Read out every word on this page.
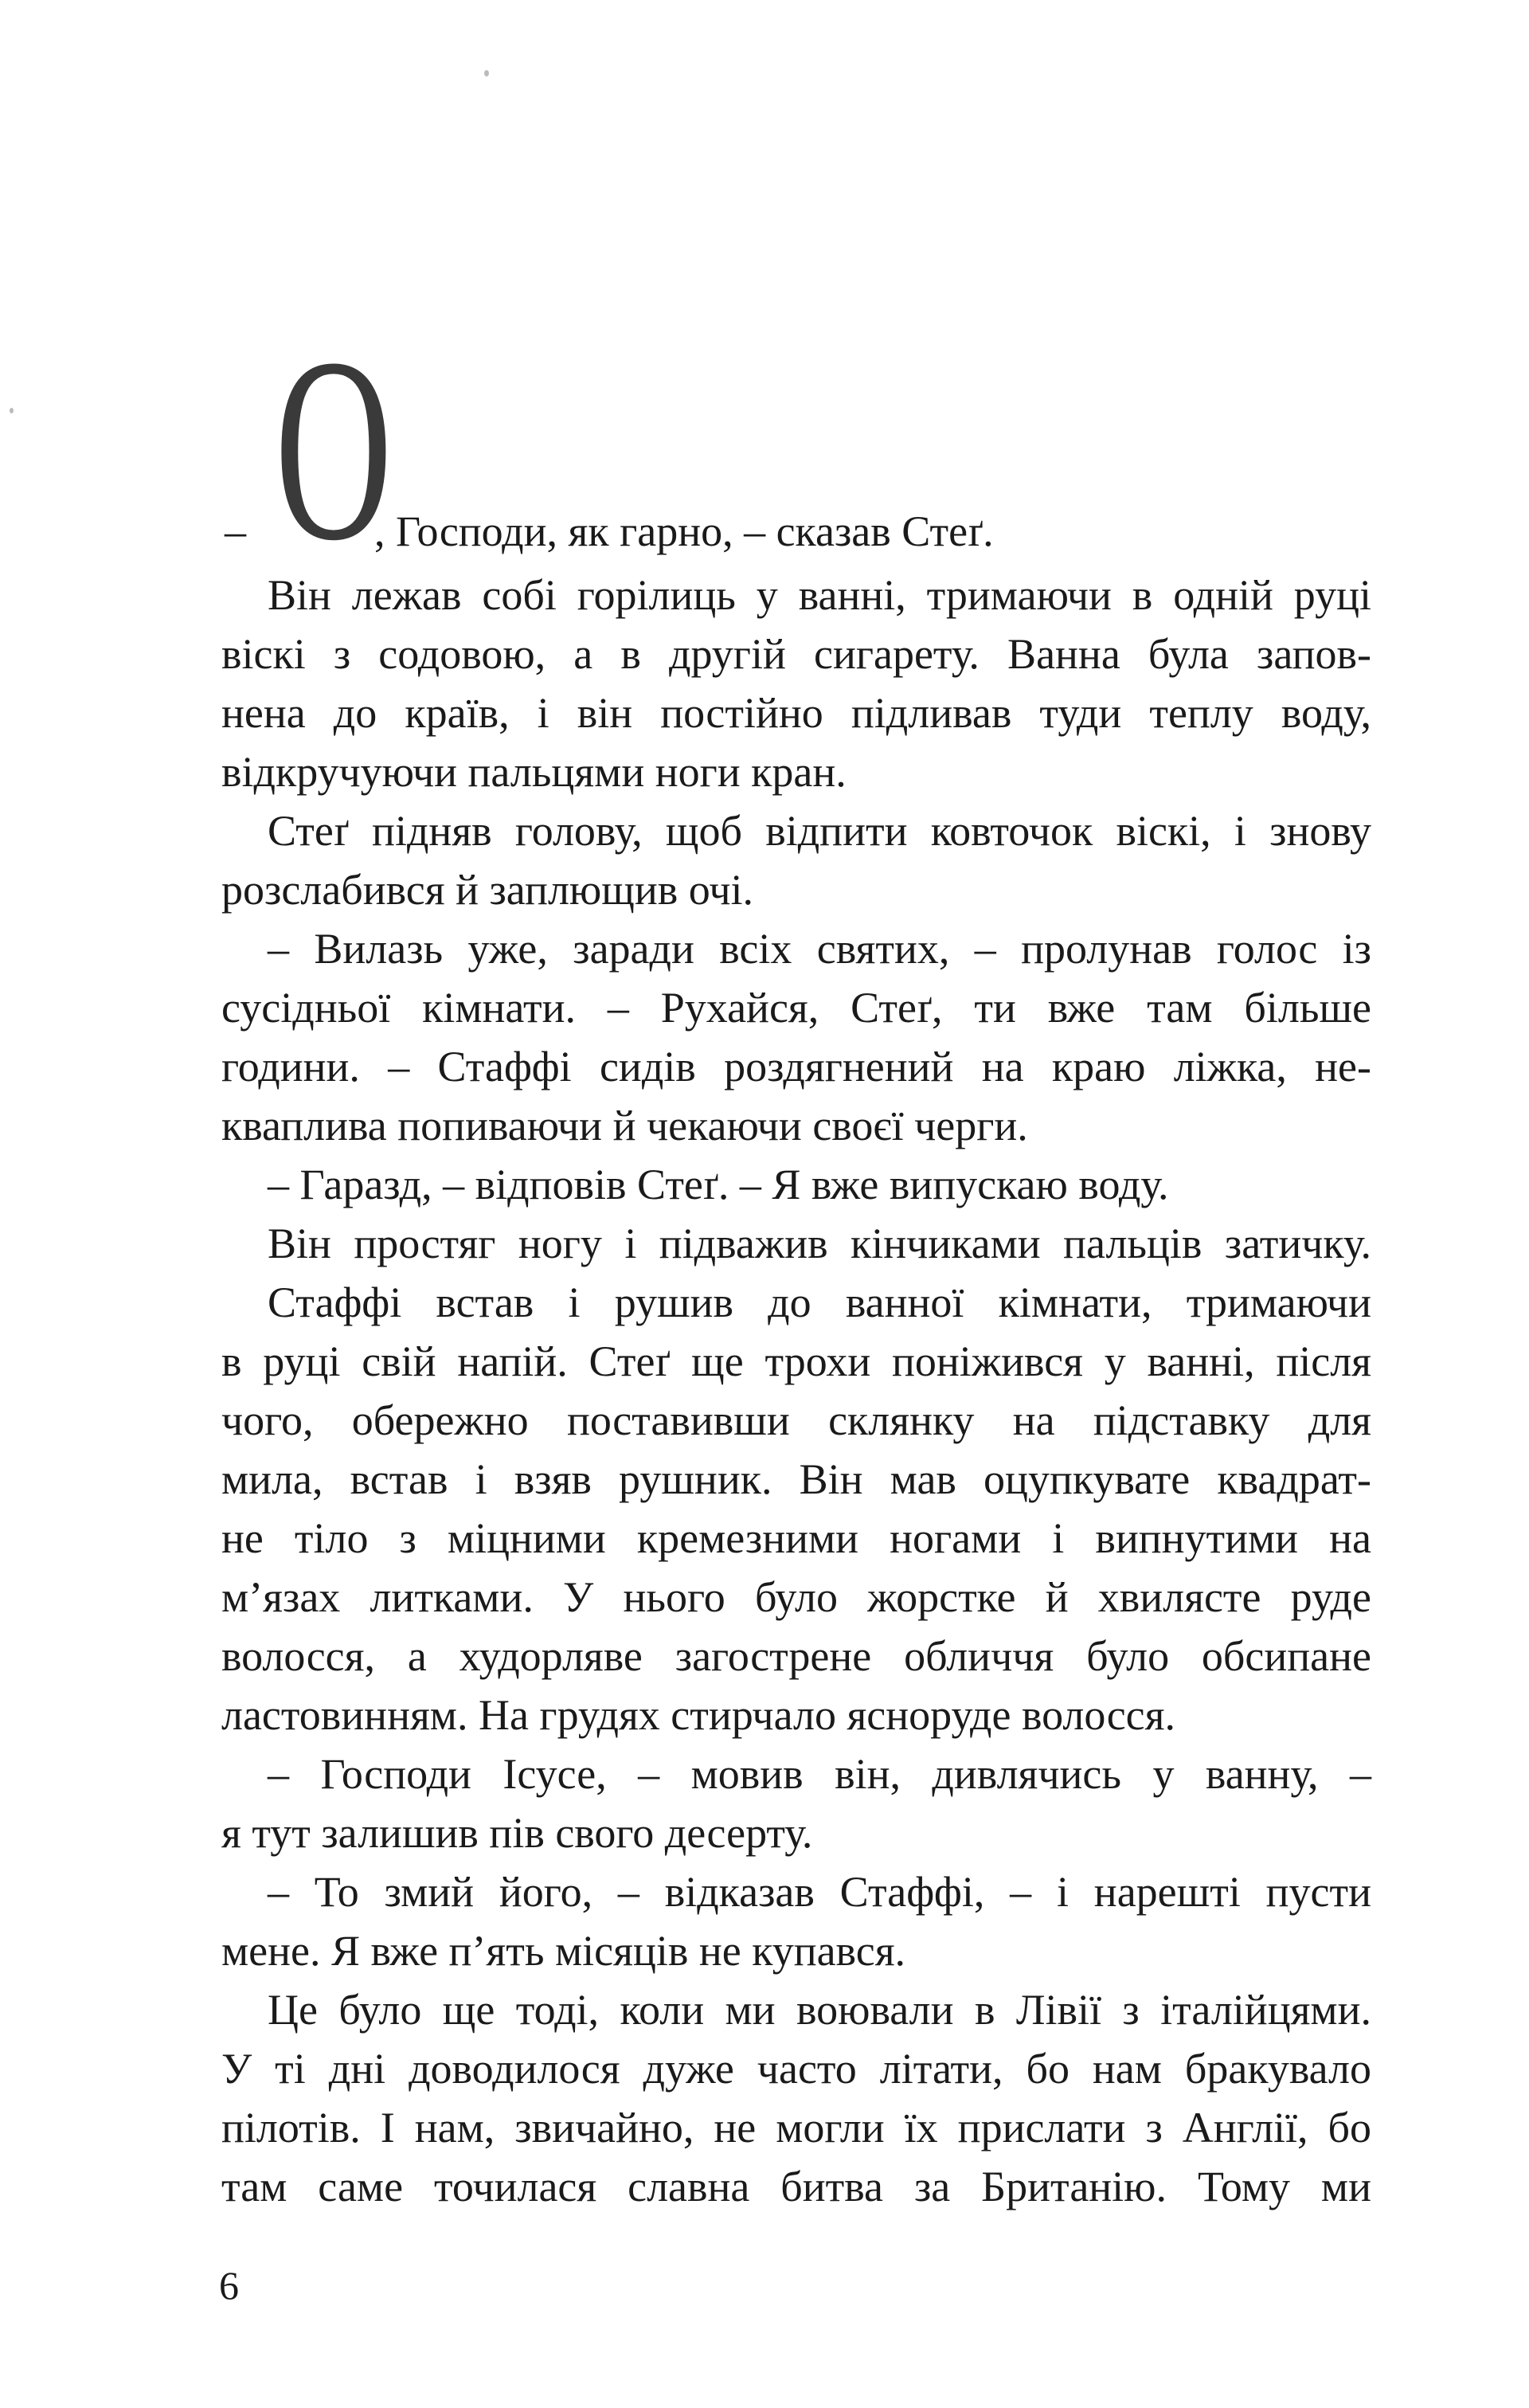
О
–	, Господи, як гарно, – сказав Стеґ.
Він лежав собі горілиць у ванні, тримаючи в одній руці
віскі з содовою, а в другій сигарету. Ванна була запов-
нена до країв, і він постійно підливав туди теплу воду,
відкручуючи пальцями ноги кран.
Стеґ підняв голову, щоб відпити ковточок віскі, і знову
розслабився й заплющив очі.
– Вилазь уже, заради всіх святих, – пролунав голос із
сусідньої кімнати. – Рухайся, Стеґ, ти вже там більше
години. – Стаффі сидів роздягнений на краю ліжка, не-
кваплива попиваючи й чекаючи своєї черги.
– Гаразд, – відповів Стеґ. – Я вже випускаю воду.
Він простяг ногу і підважив кінчиками пальців затичку.
Стаффі встав і рушив до ванної кімнати, тримаючи
в руці свій напій. Стеґ ще трохи поніжився у ванні, після
чого, обережно поставивши склянку на підставку для
мила, встав і взяв рушник. Він мав оцупкувате квадрат-
не тіло з міцними кремезними ногами і випнутими на
м’язах литками. У нього було жорстке й хвилясте руде
волосся, а худорляве загострене обличчя було обсипане
ластовинням. На грудях стирчало яснoруде волосся.
– Господи Ісусе, – мовив він, дивлячись у ванну, –
я тут залишив пів свого десерту.
– То змий його, – відказав Стаффі, – і нарешті пусти
мене. Я вже п’ять місяців не купався.
Це було ще тоді, коли ми воювали в Лівії з італійцями.
У ті дні доводилося дуже часто літати, бо нам бракувало
пілотів. І нам, звичайно, не могли їх прислати з Англії, бо
там саме точилася славна битва за Британію. Тому ми
6
